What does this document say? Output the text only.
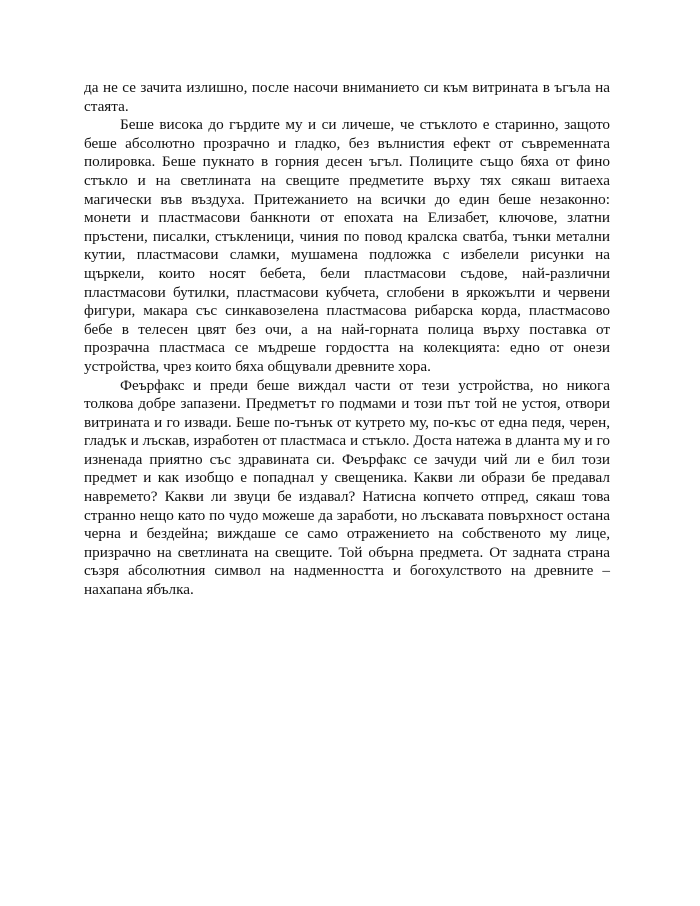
да не се зачита излишно, после насочи вниманието си към витрината в ъгъла на стаята.

Беше висока до гърдите му и си личеше, че стъклото е старинно, защото беше абсолютно прозрачно и гладко, без вълнистия ефект от съвременната полировка. Беше пукнато в горния десен ъгъл. Полиците също бяха от фино стъкло и на светлината на свещите предметите върху тях сякаш витаеха магически във въздуха. Притежанието на всички до един беше незаконно: монети и пластмасови банкноти от епохата на Елизабет, ключове, златни пръстени, писалки, стъкленици, чиния по повод кралска сватба, тънки метални кутии, пластмасови сламки, мушамена подложка с избелели рисунки на щъркели, които носят бебета, бели пластмасови съдове, най-различни пластмасови бутилки, пластмасови кубчета, сглобени в яркожълти и червени фигури, макара със синкавозелена пластмасова рибарска корда, пластмасово бебе в телесен цвят без очи, а на най-горната полица върху поставка от прозрачна пластмаса се мъдреше гордостта на колекцията: едно от онези устройства, чрез които бяха общували древните хора.

Феърфакс и преди беше виждал части от тези устройства, но никога толкова добре запазени. Предметът го подмами и този път той не устоя, отвори витрината и го извади. Беше по-тънък от кутрето му, по-къс от една педя, черен, гладък и лъскав, изработен от пластмаса и стъкло. Доста натежа в дланта му и го изненада приятно със здравината си. Феърфакс се зачуди чий ли е бил този предмет и как изобщо е попаднал у свещеника. Какви ли образи бе предавал навремето? Какви ли звуци бе издавал? Натисна копчето отпред, сякаш това странно нещо като по чудо можеше да заработи, но лъскавата повърхност остана черна и бездейна; виждаше се само отражението на собственото му лице, призрачно на светлината на свещите. Той обърна предмета. От задната страна съзря абсолютния символ на надменността и богохулството на древните – нахапана ябълка.
